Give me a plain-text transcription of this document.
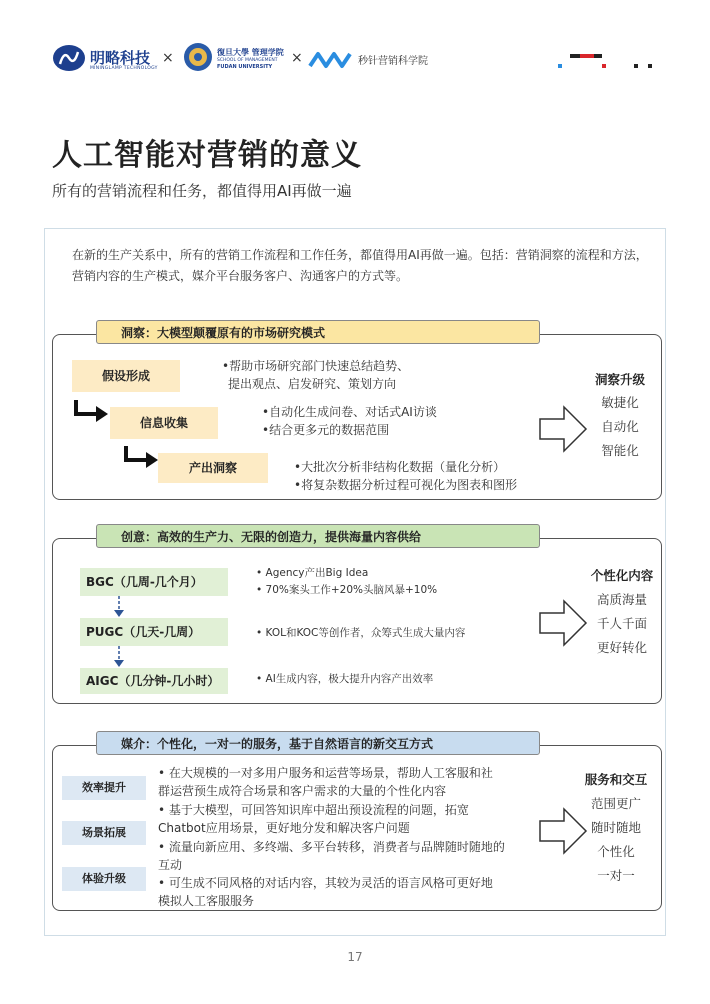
明略科技
MININGLAMP TECHNOLOGY
×	復旦大學 管理学院
SCHOOL OF MANAGEMENT
FUDAN UNIVERSITY
×	秒针营销科学院
人工智能对营销的意义
所有的营销流程和任务，都值得用AI再做一遍
在新的生产关系中，所有的营销工作流程和工作任务，都值得用AI再做一遍。包括：营销洞察的流程和方法，营销内容的生产模式，媒介平台服务客户、沟通客户的方式等。
洞察：大模型颠覆原有的市场研究模式
假设形成
信息收集
产出洞察
•帮助市场研究部门快速总结趋势、
提出观点、启发研究、策划方向
•自动化生成问卷、对话式AI访谈
•结合更多元的数据范围
•大批次分析非结构化数据（量化分析）
•将复杂数据分析过程可视化为图表和图形
洞察升级
敏捷化
自动化
智能化
创意：高效的生产力、无限的创造力，提供海量内容供给
BGC（几周-几个月）
PUGC（几天-几周）
AIGC（几分钟-几小时）
• Agency产出Big Idea
• 70%案头工作+20%头脑风暴+10%
• KOL和KOC等创作者，众筹式生成大量内容
• AI生成内容，极大提升内容产出效率
个性化内容
高质海量
千人千面
更好转化
媒介：个性化，一对一的服务，基于自然语言的新交互方式
效率提升
场景拓展
体验升级
• 在大规模的一对多用户服务和运营等场景，帮助人工客服和社
群运营预生成符合场景和客户需求的大量的个性化内容
• 基于大模型，可回答知识库中超出预设流程的问题，拓宽
Chatbot应用场景，更好地分发和解决客户问题
• 流量向新应用、多终端、多平台转移，消费者与品牌随时随地的
互动
• 可生成不同风格的对话内容，其较为灵活的语言风格可更好地
模拟人工客服服务
服务和交互
范围更广
随时随地
个性化
一对一
17
